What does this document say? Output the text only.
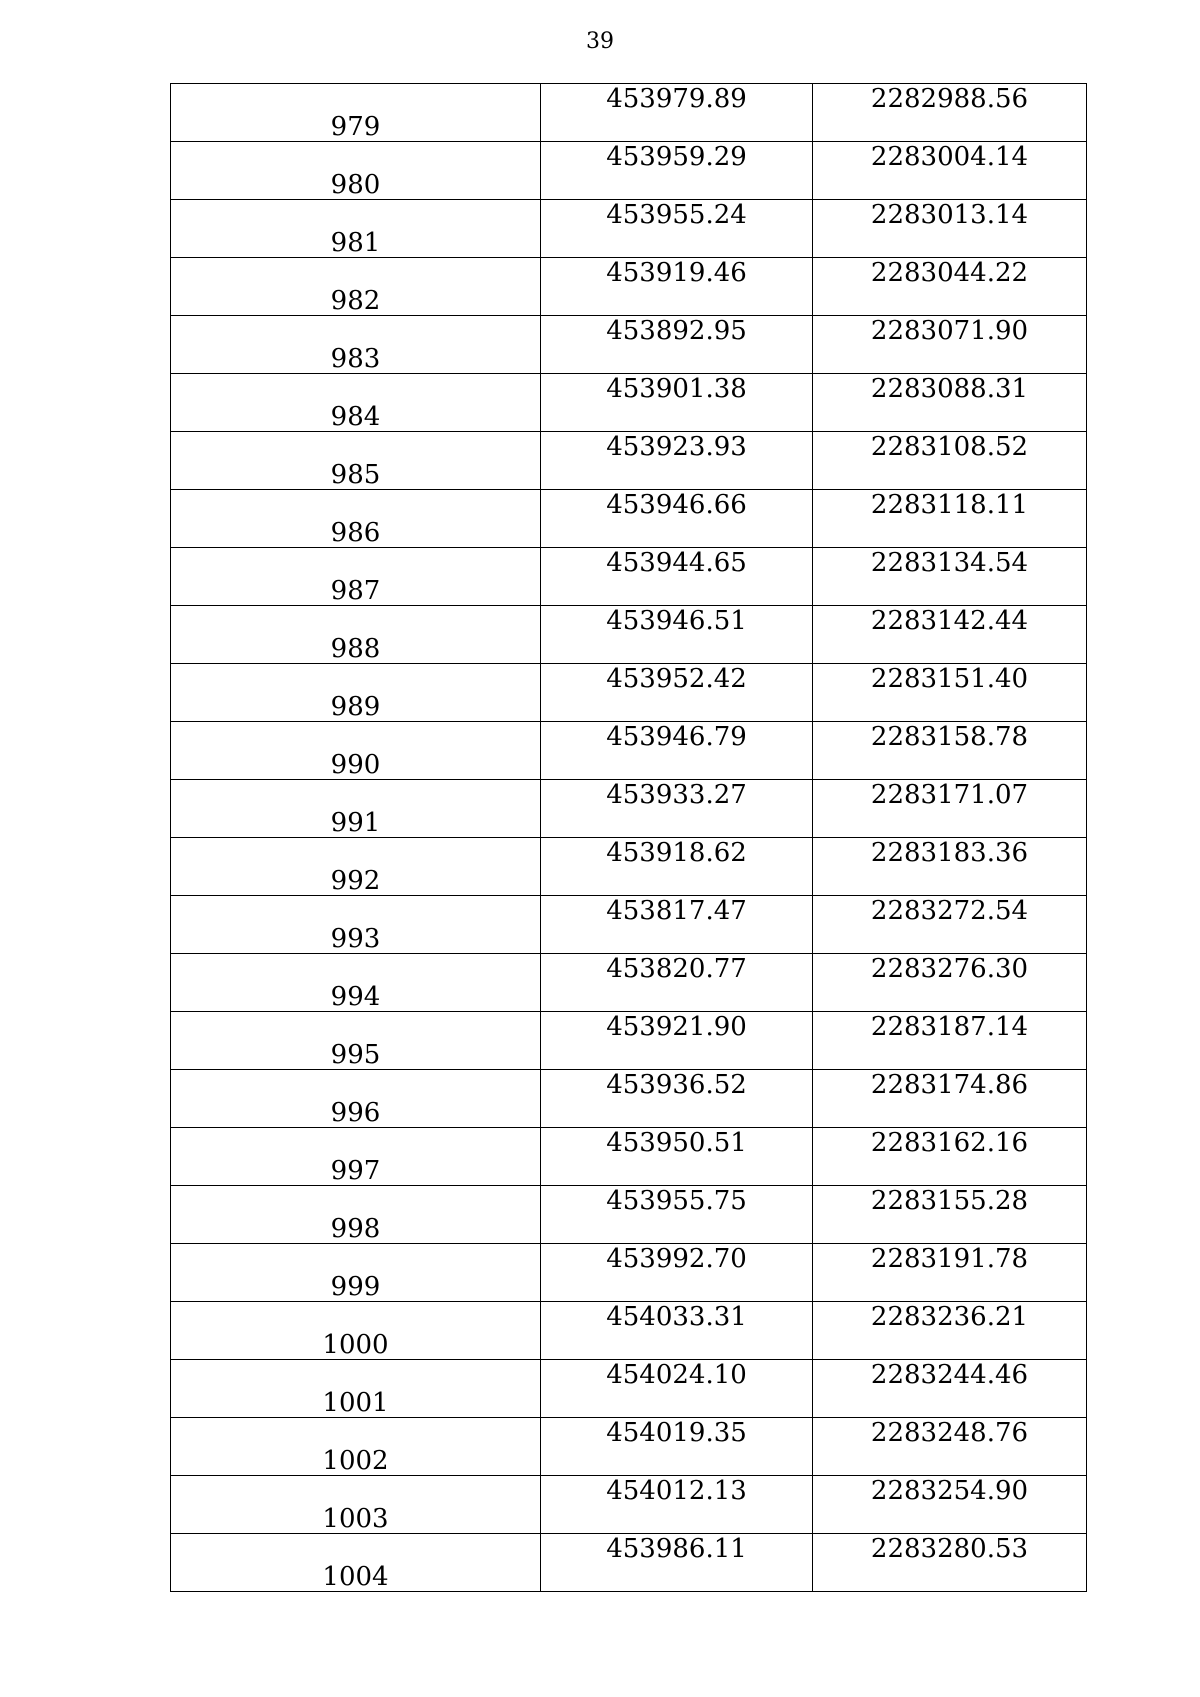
39
979	453979.89	2282988.56

980	453959.29	2283004.14

981	453955.24	2283013.14

982	453919.46	2283044.22

983	453892.95	2283071.90

984	453901.38	2283088.31

985	453923.93	2283108.52

986	453946.66	2283118.11

987	453944.65	2283134.54

988	453946.51	2283142.44

989	453952.42	2283151.40

990	453946.79	2283158.78

991	453933.27	2283171.07

992	453918.62	2283183.36

993	453817.47	2283272.54

994	453820.77	2283276.30

995	453921.90	2283187.14

996	453936.52	2283174.86

997	453950.51	2283162.16

998	453955.75	2283155.28

999	453992.70	2283191.78

1000	454033.31	2283236.21

1001	454024.10	2283244.46

1002	454019.35	2283248.76

1003	454012.13	2283254.90

1004	453986.11	2283280.53
